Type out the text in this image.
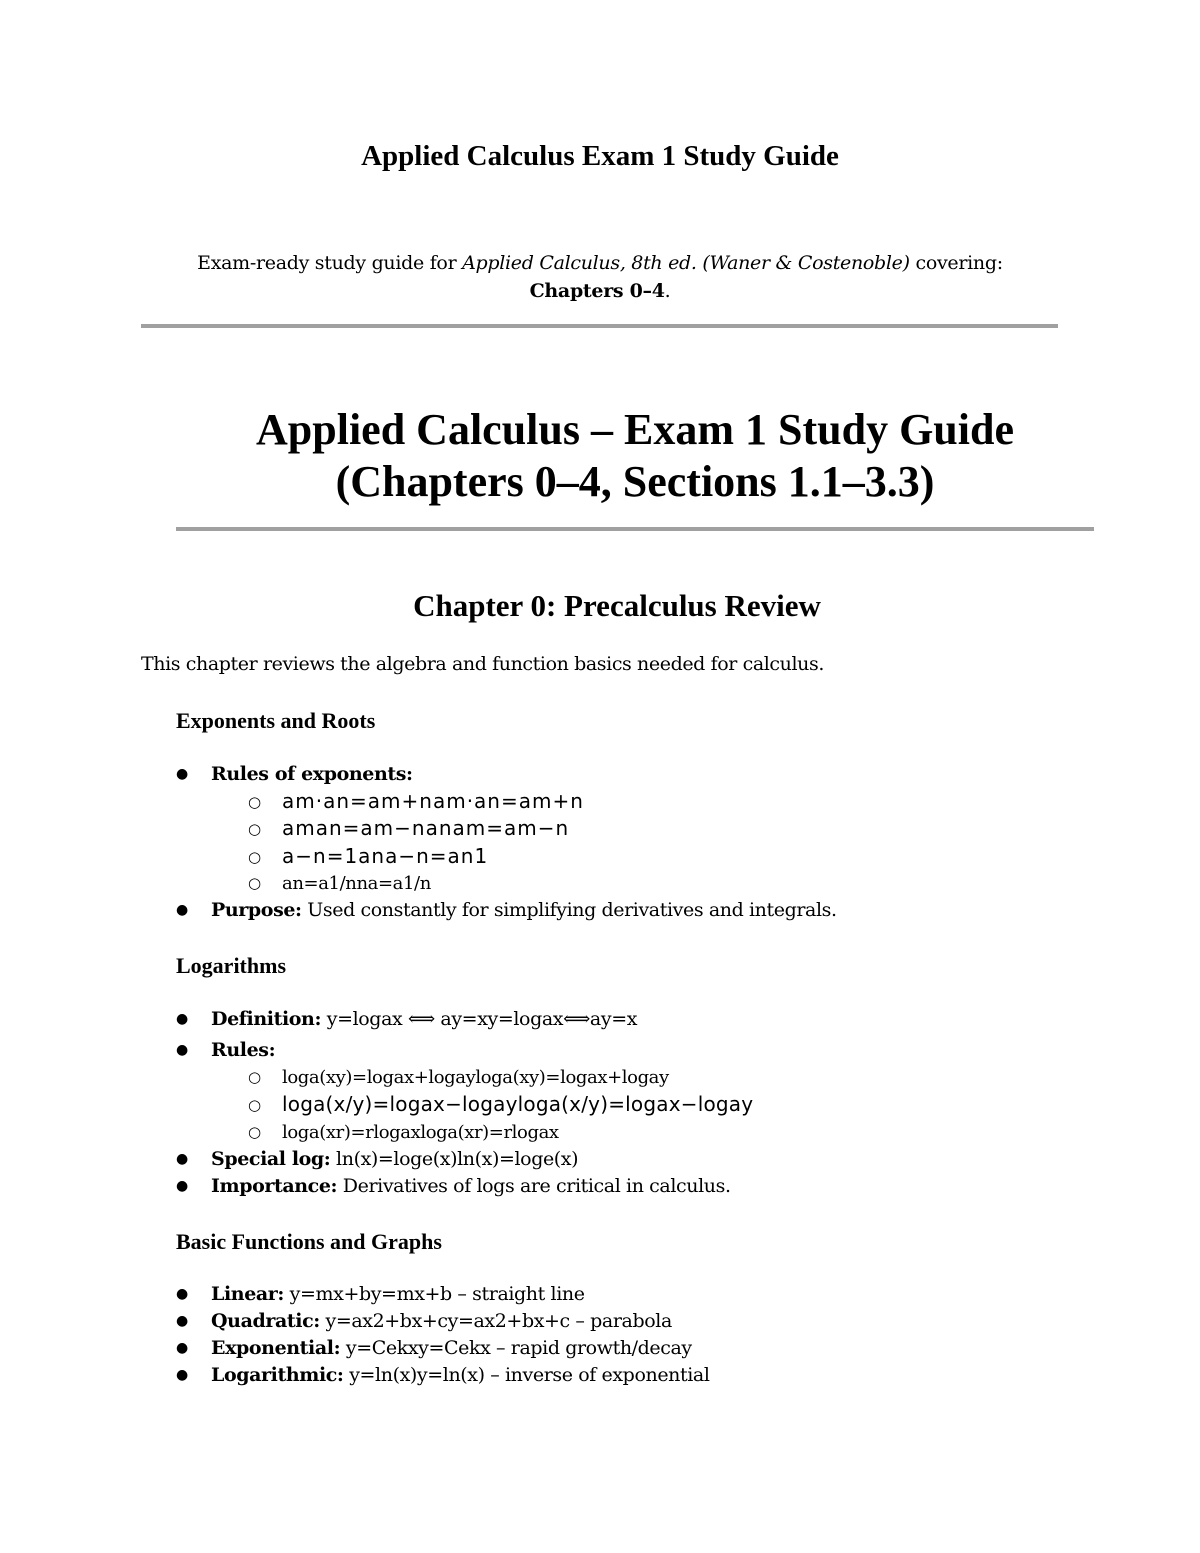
Applied Calculus Exam 1 Study Guide
Exam-ready study guide for Applied Calculus, 8th ed. (Waner & Costenoble) covering:
Chapters 0–4.
Applied Calculus – Exam 1 Study Guide
(Chapters 0–4, Sections 1.1–3.3)
Chapter 0: Precalculus Review
This chapter reviews the algebra and function basics needed for calculus.
Exponents and Roots
● Rules of exponents:
○ am·an=am+nam·an=am+n
○ aman=am−nanam=am−n
○ a−n=1ana−n=an1
○ an=a1/nna=a1/n
● Purpose: Used constantly for simplifying derivatives and integrals.
Logarithms
● Definition: y=logax ⟺ ay=xy=logax⟺ay=x
● Rules:
○ loga(xy)=logax+logayloga(xy)=logax+logay
○ loga(x/y)=logax−logayloga(x/y)=logax−logay
○ loga(xr)=rlogaxloga(xr)=rlogax
● Special log: ln(x)=loge(x)ln(x)=loge(x)
● Importance: Derivatives of logs are critical in calculus.
Basic Functions and Graphs
● Linear: y=mx+by=mx+b – straight line
● Quadratic: y=ax2+bx+cy=ax2+bx+c – parabola
● Exponential: y=Cekxy=Cekx – rapid growth/decay
● Logarithmic: y=ln(x)y=ln(x) – inverse of exponential
